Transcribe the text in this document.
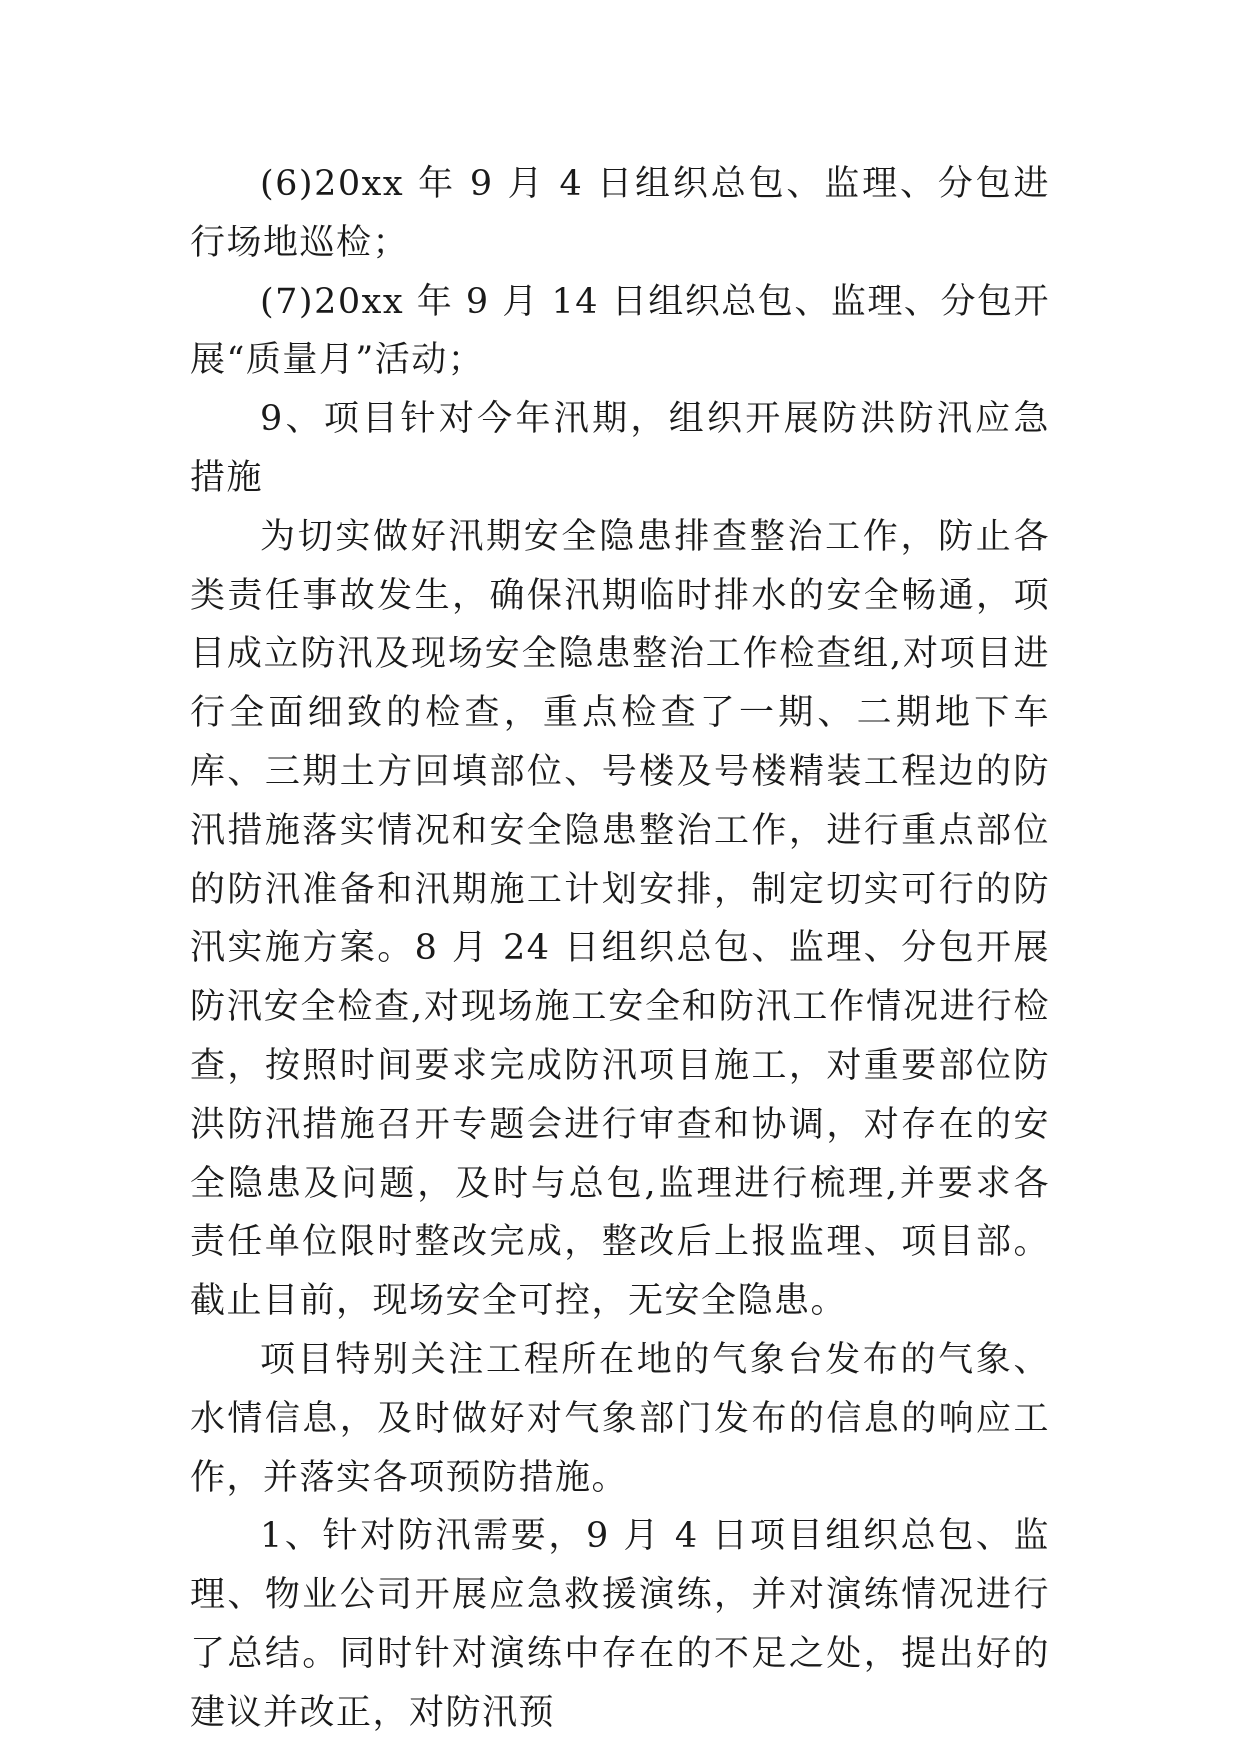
(6)20xx 年 9 月 4 日组织总包、监理、分包进行场地巡检；

(7)20xx 年 9 月 14 日组织总包、监理、分包开展“质量月”活动；

9、项目针对今年汛期，组织开展防洪防汛应急措施

为切实做好汛期安全隐患排查整治工作，防止各类责任事故发生，确保汛期临时排水的安全畅通，项目成立防汛及现场安全隐患整治工作检查组,对项目进行全面细致的检查，重点检查了一期、二期地下车库、三期土方回填部位、号楼及号楼精装工程边的防汛措施落实情况和安全隐患整治工作，进行重点部位的防汛准备和汛期施工计划安排，制定切实可行的防汛实施方案。8 月 24 日组织总包、监理、分包开展防汛安全检查,对现场施工安全和防汛工作情况进行检查，按照时间要求完成防汛项目施工，对重要部位防洪防汛措施召开专题会进行审查和协调，对存在的安全隐患及问题，及时与总包,监理进行梳理,并要求各责任单位限时整改完成，整改后上报监理、项目部。截止目前，现场安全可控，无安全隐患。

项目特别关注工程所在地的气象台发布的气象、水情信息，及时做好对气象部门发布的信息的响应工作，并落实各项预防措施。

1、针对防汛需要，9 月 4 日项目组织总包、监理、物业公司开展应急救援演练，并对演练情况进行了总结。同时针对演练中存在的不足之处，提出好的建议并改正，对防汛预
